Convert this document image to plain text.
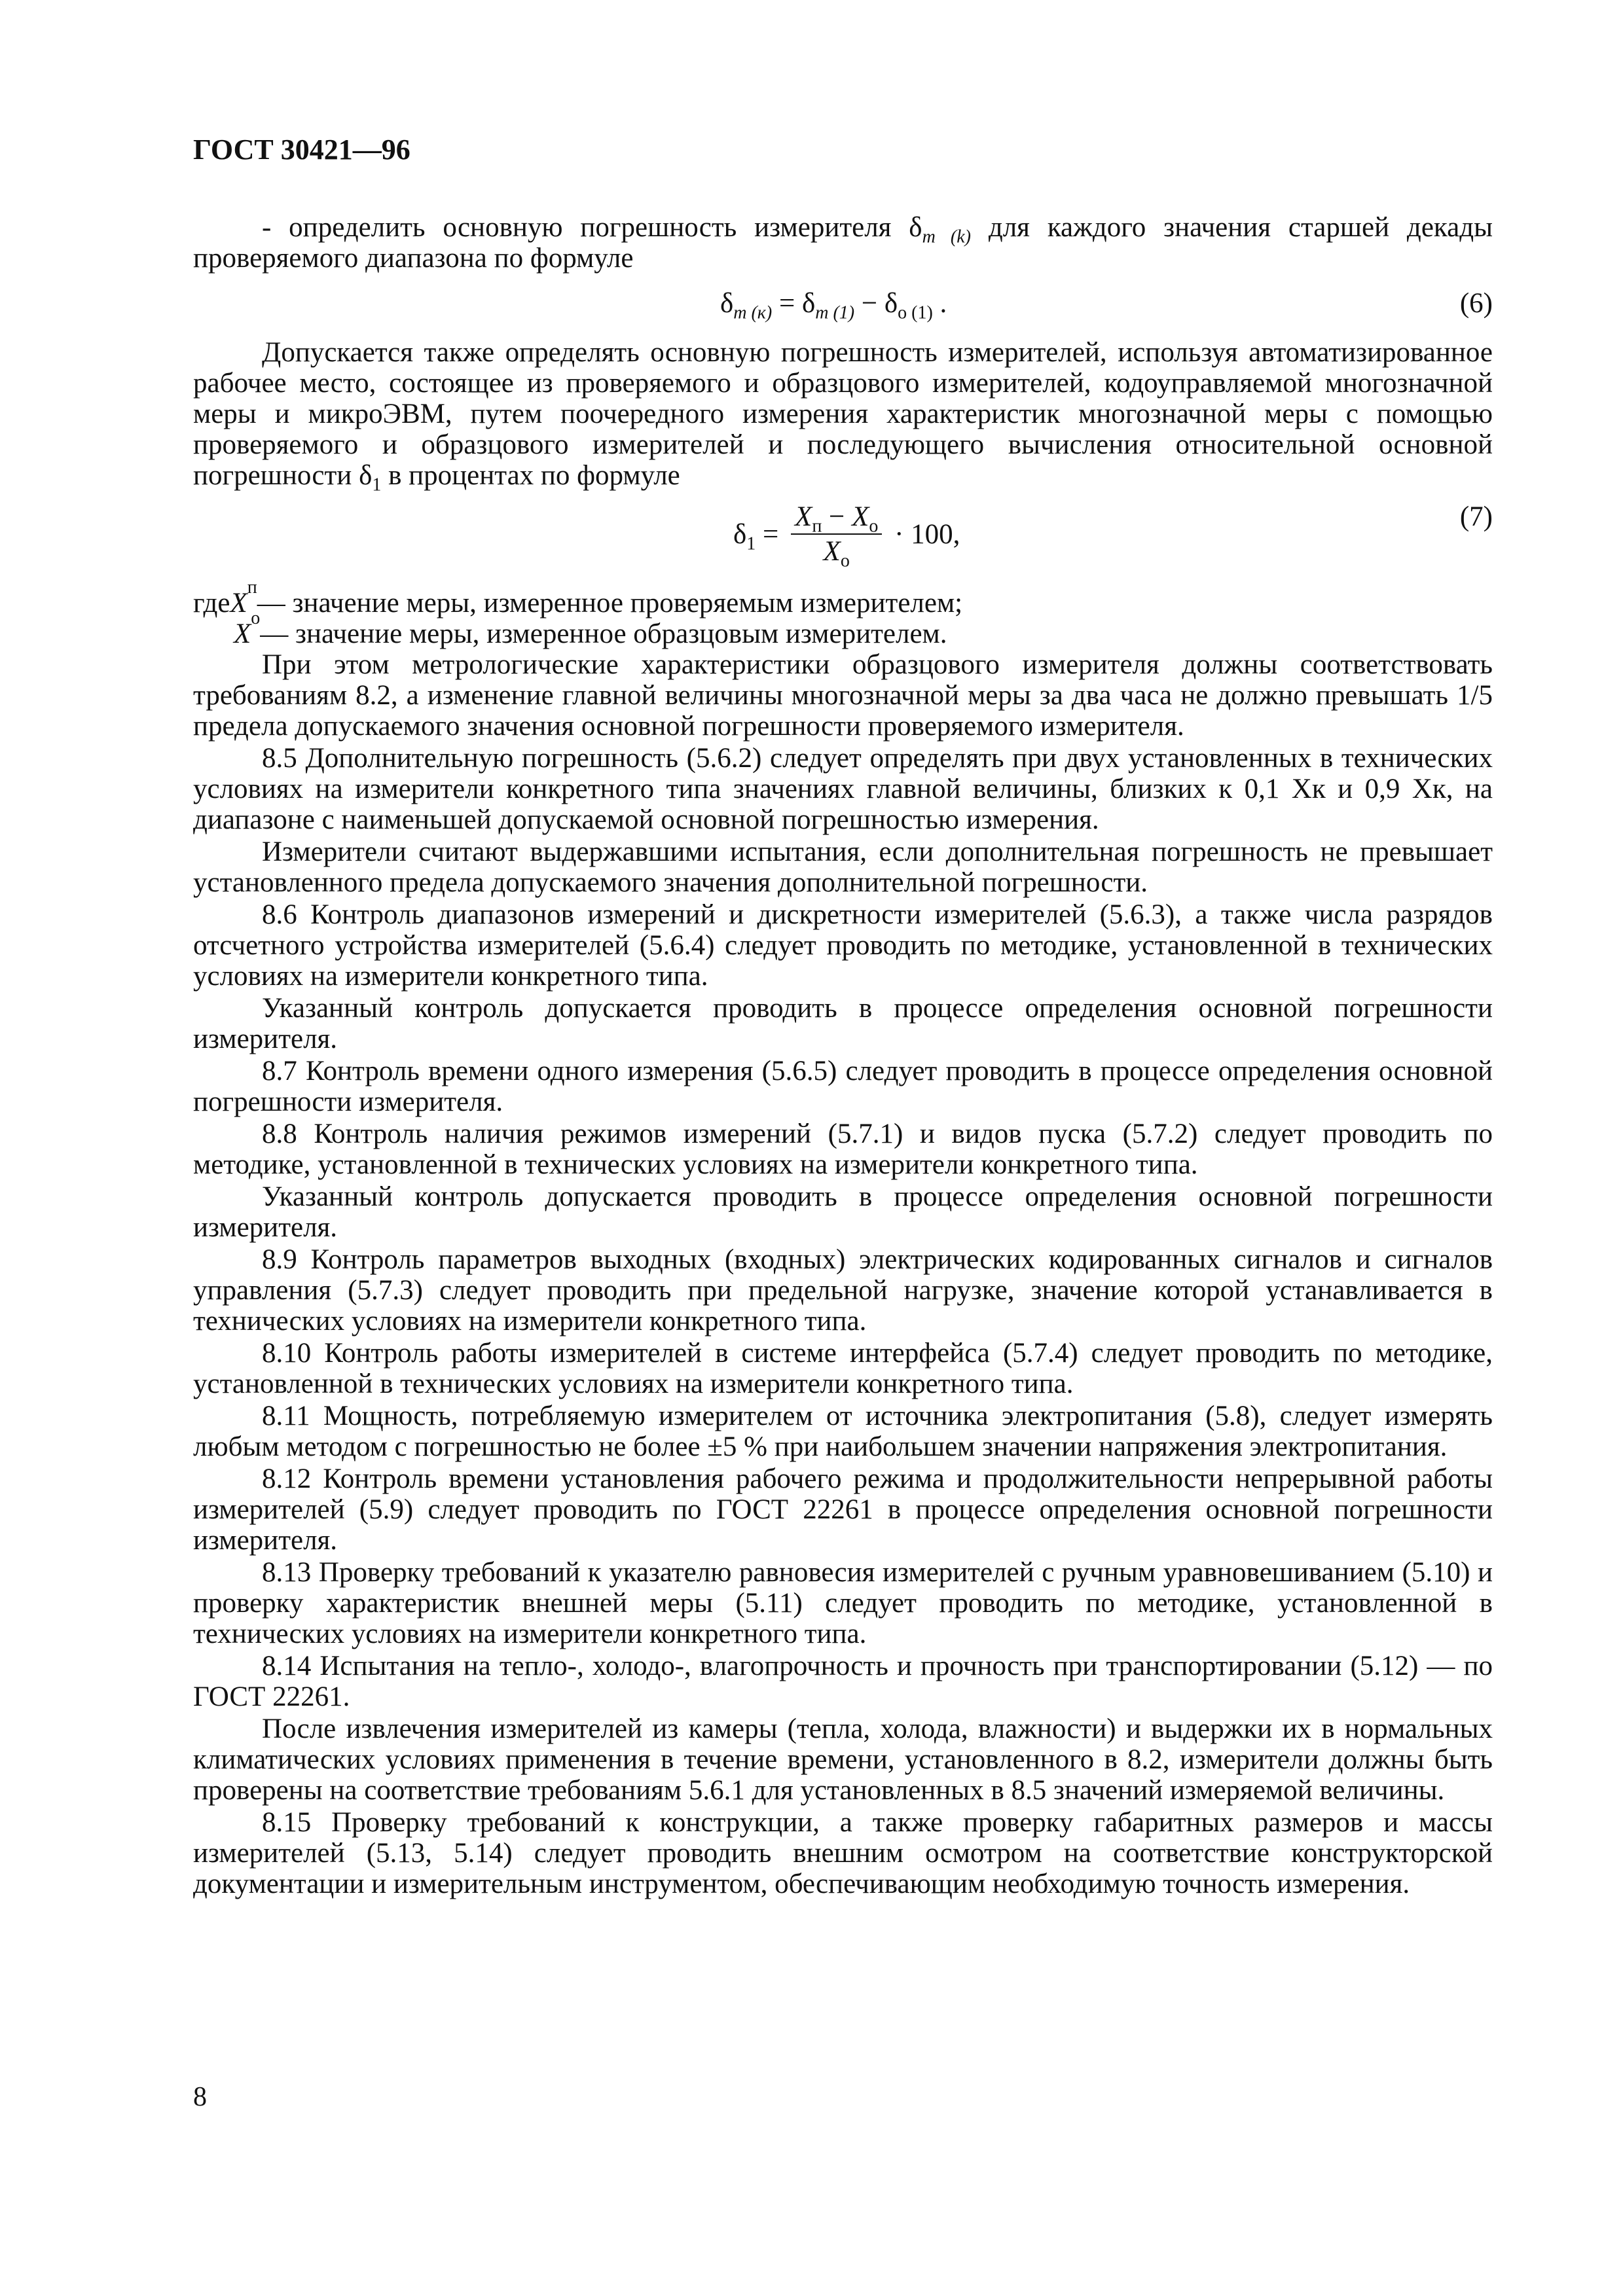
ГОСТ 30421—96

- определить основную погрешность измерителя $\delta_{m (k)}$ для каждого значения старшей декады проверяемого диапазона по формуле

$\delta_{m (к)} = \delta_{m (1)} - \delta_{о (1)}$ .	(6)

Допускается также определять основную погрешность измерителей, используя автоматизированное рабочее место, состоящее из проверяемого и образцового измерителей, кодоуправляемой многозначной меры и микроЭВМ, путем поочередного измерения характеристик многозначной меры с помощью проверяемого и образцового измерителей и последующего вычисления относительной основной погрешности $\delta_1$ в процентах по формуле

$\delta_1 = \frac{X_п - X_о}{X_о} \cdot 100$,
(7)
где X
п
— значение меры, измеренное проверяемым измерителем;
X
о
— значение меры, измеренное образцовым измерителем.

При этом метрологические характеристики образцового измерителя должны соответствовать требованиям 8.2, а изменение главной величины многозначной меры за два часа не должно превышать 1/5 предела допускаемого значения основной погрешности проверяемого измерителя.

8.5 Дополнительную погрешность (5.6.2) следует определять при двух установленных в технических условиях на измерители конкретного типа значениях главной величины, близких к 0,1 Хк и 0,9 Хк, на диапазоне с наименьшей допускаемой основной погрешностью измерения.

Измерители считают выдержавшими испытания, если дополнительная погрешность не превышает установленного предела допускаемого значения дополнительной погрешности.

8.6 Контроль диапазонов измерений и дискретности измерителей (5.6.3), а также числа разрядов отсчетного устройства измерителей (5.6.4) следует проводить по методике, установленной в технических условиях на измерители конкретного типа.

Указанный контроль допускается проводить в процессе определения основной погрешности измерителя.

8.7 Контроль времени одного измерения (5.6.5) следует проводить в процессе определения основной погрешности измерителя.

8.8 Контроль наличия режимов измерений (5.7.1) и видов пуска (5.7.2) следует проводить по методике, установленной в технических условиях на измерители конкретного типа.

Указанный контроль допускается проводить в процессе определения основной погрешности измерителя.

8.9 Контроль параметров выходных (входных) электрических кодированных сигналов и сигналов управления (5.7.3) следует проводить при предельной нагрузке, значение которой устанавливается в технических условиях на измерители конкретного типа.

8.10 Контроль работы измерителей в системе интерфейса (5.7.4) следует проводить по методике, установленной в технических условиях на измерители конкретного типа.

8.11 Мощность, потребляемую измерителем от источника электропитания (5.8), следует измерять любым методом с погрешностью не более ±5 % при наибольшем значении напряжения электропитания.

8.12 Контроль времени установления рабочего режима и продолжительности непрерывной работы измерителей (5.9) следует проводить по ГОСТ 22261 в процессе определения основной погрешности измерителя.

8.13 Проверку требований к указателю равновесия измерителей с ручным уравновешиванием (5.10) и проверку характеристик внешней меры (5.11) следует проводить по методике, установленной в технических условиях на измерители конкретного типа.

8.14 Испытания на тепло-, холодо-, влагопрочность и прочность при транспортировании (5.12) — по ГОСТ 22261.

После извлечения измерителей из камеры (тепла, холода, влажности) и выдержки их в нормальных климатических условиях применения в течение времени, установленного в 8.2, измерители должны быть проверены на соответствие требованиям 5.6.1 для установленных в 8.5 значений измеряемой величины.

8.15 Проверку требований к конструкции, а также проверку габаритных размеров и массы измерителей (5.13, 5.14) следует проводить внешним осмотром на соответствие конструкторской документации и измерительным инструментом, обеспечивающим необходимую точность измерения.

8
